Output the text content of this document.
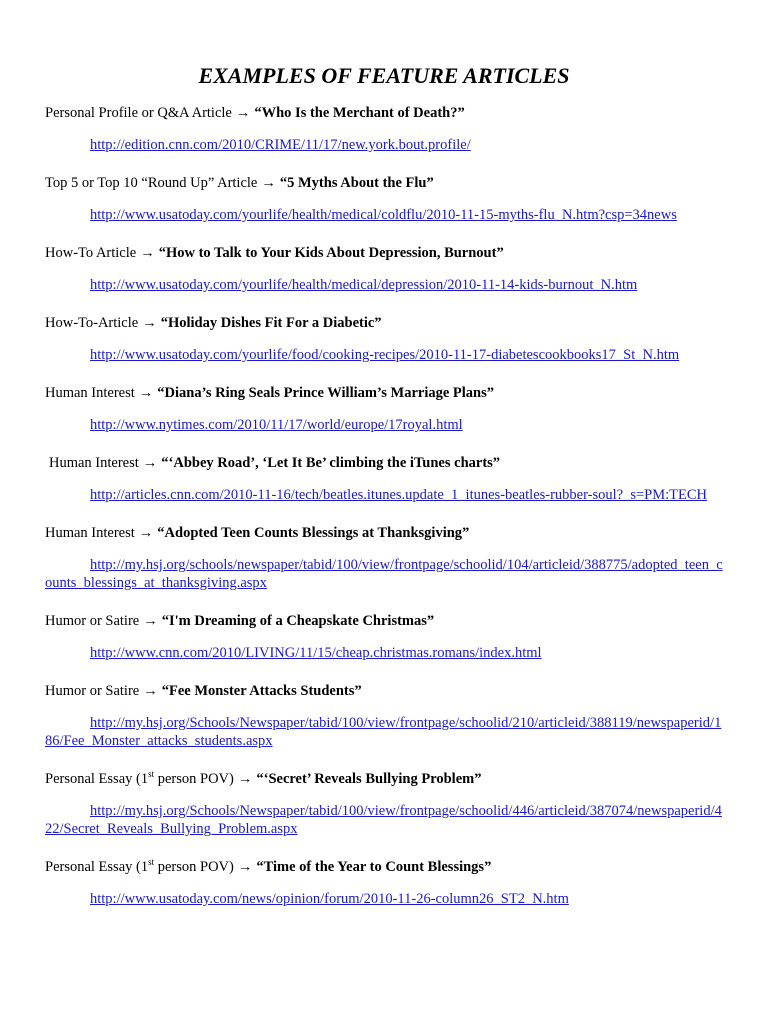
EXAMPLES OF FEATURE ARTICLES

Personal Profile or Q&A Article → “Who Is the Merchant of Death?”

http://edition.cnn.com/2010/CRIME/11/17/new.york.bout.profile/

Top 5 or Top 10 “Round Up” Article → “5 Myths About the Flu”

http://www.usatoday.com/yourlife/health/medical/coldflu/2010-11-15-myths-flu_N.htm?csp=34news

How-To Article → “How to Talk to Your Kids About Depression, Burnout”

http://www.usatoday.com/yourlife/health/medical/depression/2010-11-14-kids-burnout_N.htm

How-To-Article → “Holiday Dishes Fit For a Diabetic”

http://www.usatoday.com/yourlife/food/cooking-recipes/2010-11-17-diabetescookbooks17_St_N.htm

Human Interest → “Diana’s Ring Seals Prince William’s Marriage Plans”

http://www.nytimes.com/2010/11/17/world/europe/17royal.html

Human Interest → “‘Abbey Road’, ‘Let It Be’ climbing the iTunes charts”

http://articles.cnn.com/2010-11-16/tech/beatles.itunes.update_1_itunes-beatles-rubber-soul?_s=PM:TECH

Human Interest → “Adopted Teen Counts Blessings at Thanksgiving”

http://my.hsj.org/schools/newspaper/tabid/100/view/frontpage/schoolid/104/articleid/388775/adopted_teen_counts_blessings_at_thanksgiving.aspx

Humor or Satire → “I'm Dreaming of a Cheapskate Christmas”

http://www.cnn.com/2010/LIVING/11/15/cheap.christmas.romans/index.html

Humor or Satire → “Fee Monster Attacks Students”

http://my.hsj.org/Schools/Newspaper/tabid/100/view/frontpage/schoolid/210/articleid/388119/newspaperid/186/Fee_Monster_attacks_students.aspx

Personal Essay (1st person POV) → “‘Secret’ Reveals Bullying Problem”

http://my.hsj.org/Schools/Newspaper/tabid/100/view/frontpage/schoolid/446/articleid/387074/newspaperid/422/Secret_Reveals_Bullying_Problem.aspx

Personal Essay (1st person POV) → “Time of the Year to Count Blessings”

http://www.usatoday.com/news/opinion/forum/2010-11-26-column26_ST2_N.htm
